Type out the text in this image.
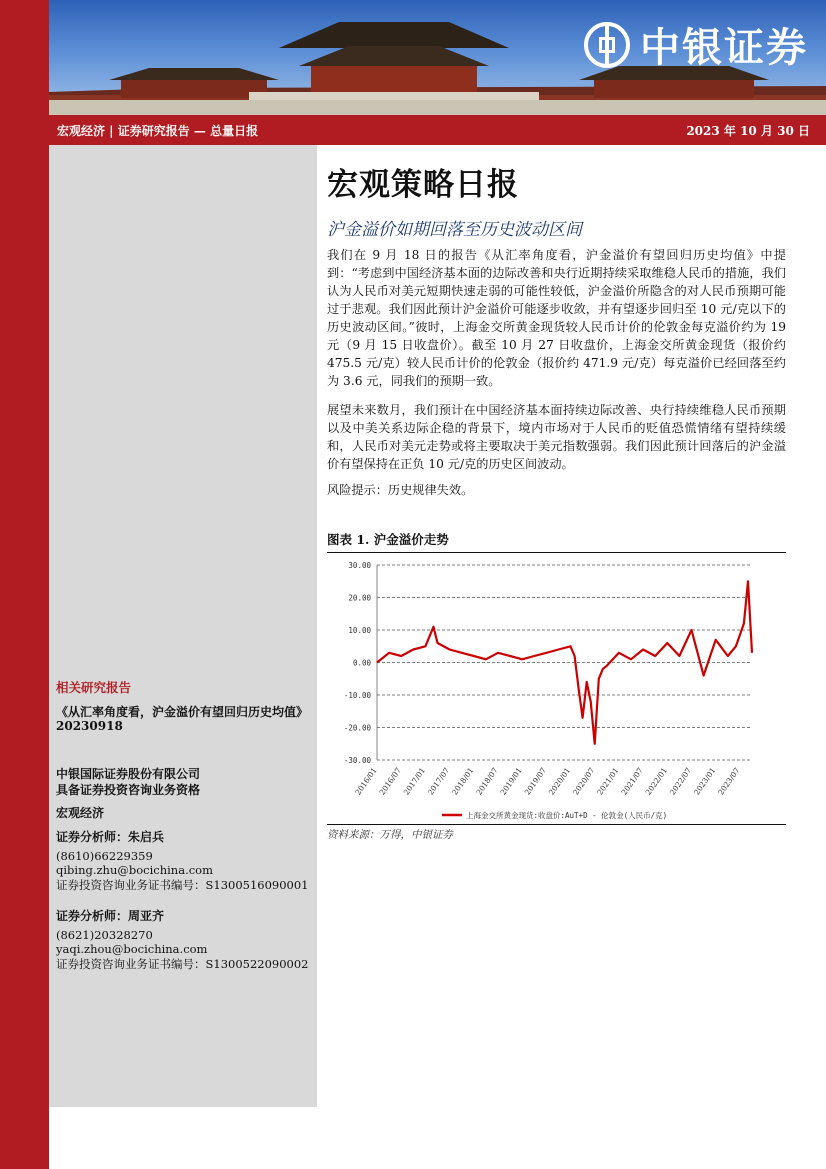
中银证券
宏观经济 | 证券研究报告 — 总量日报	2023 年 10 月 30 日
相关研究报告
《从汇率角度看，沪金溢价有望回归历史均值》
20230918
中银国际证券股份有限公司
具备证券投资咨询业务资格
宏观经济
证券分析师：朱启兵
(8610)66229359
qibing.zhu@bocichina.com
证券投资咨询业务证书编号：S1300516090001
证券分析师：周亚齐
(8621)20328270
yaqi.zhou@bocichina.com
证券投资咨询业务证书编号：S1300522090002
宏观策略日报
沪金溢价如期回落至历史波动区间
我们在 9 月 18 日的报告《从汇率角度看，沪金溢价有望回归历史均值》中提到：“考虑到中国经济基本面的边际改善和央行近期持续采取维稳人民币的措施，我们认为人民币对美元短期快速走弱的可能性较低，沪金溢价所隐含的对人民币预期可能过于悲观。我们因此预计沪金溢价可能逐步收敛，并有望逐步回归至 10 元/克以下的历史波动区间。”彼时，上海金交所黄金现货较人民币计价的伦敦金每克溢价约为 19 元（9 月 15 日收盘价）。截至 10 月 27 日收盘价，上海金交所黄金现货（报价约 475.5 元/克）较人民币计价的伦敦金（报价约 471.9 元/克）每克溢价已经回落至约为 3.6 元，同我们的预期一致。
展望未来数月，我们预计在中国经济基本面持续边际改善、央行持续维稳人民币预期以及中美关系边际企稳的背景下，境内市场对于人民币的贬值恐慌情绪有望持续缓和，人民币对美元走势或将主要取决于美元指数强弱。我们因此预计回落后的沪金溢价有望保持在正负 10 元/克的历史区间波动。
风险提示：历史规律失效。
图表 1. 沪金溢价走势
30.00
20.00
10.00
0.00
-10.00
-20.00
-30.00
2016/01
2016/07
2017/01
2017/07
2018/01
2018/07
2019/01
2019/07
2020/01
2020/07
2021/01
2021/07
2022/01
2022/07
2023/01
2023/07
上海金交所黄金现货:收盘价:AuT+D - 伦敦金(人民币/克)
资料来源：万得，中银证券
